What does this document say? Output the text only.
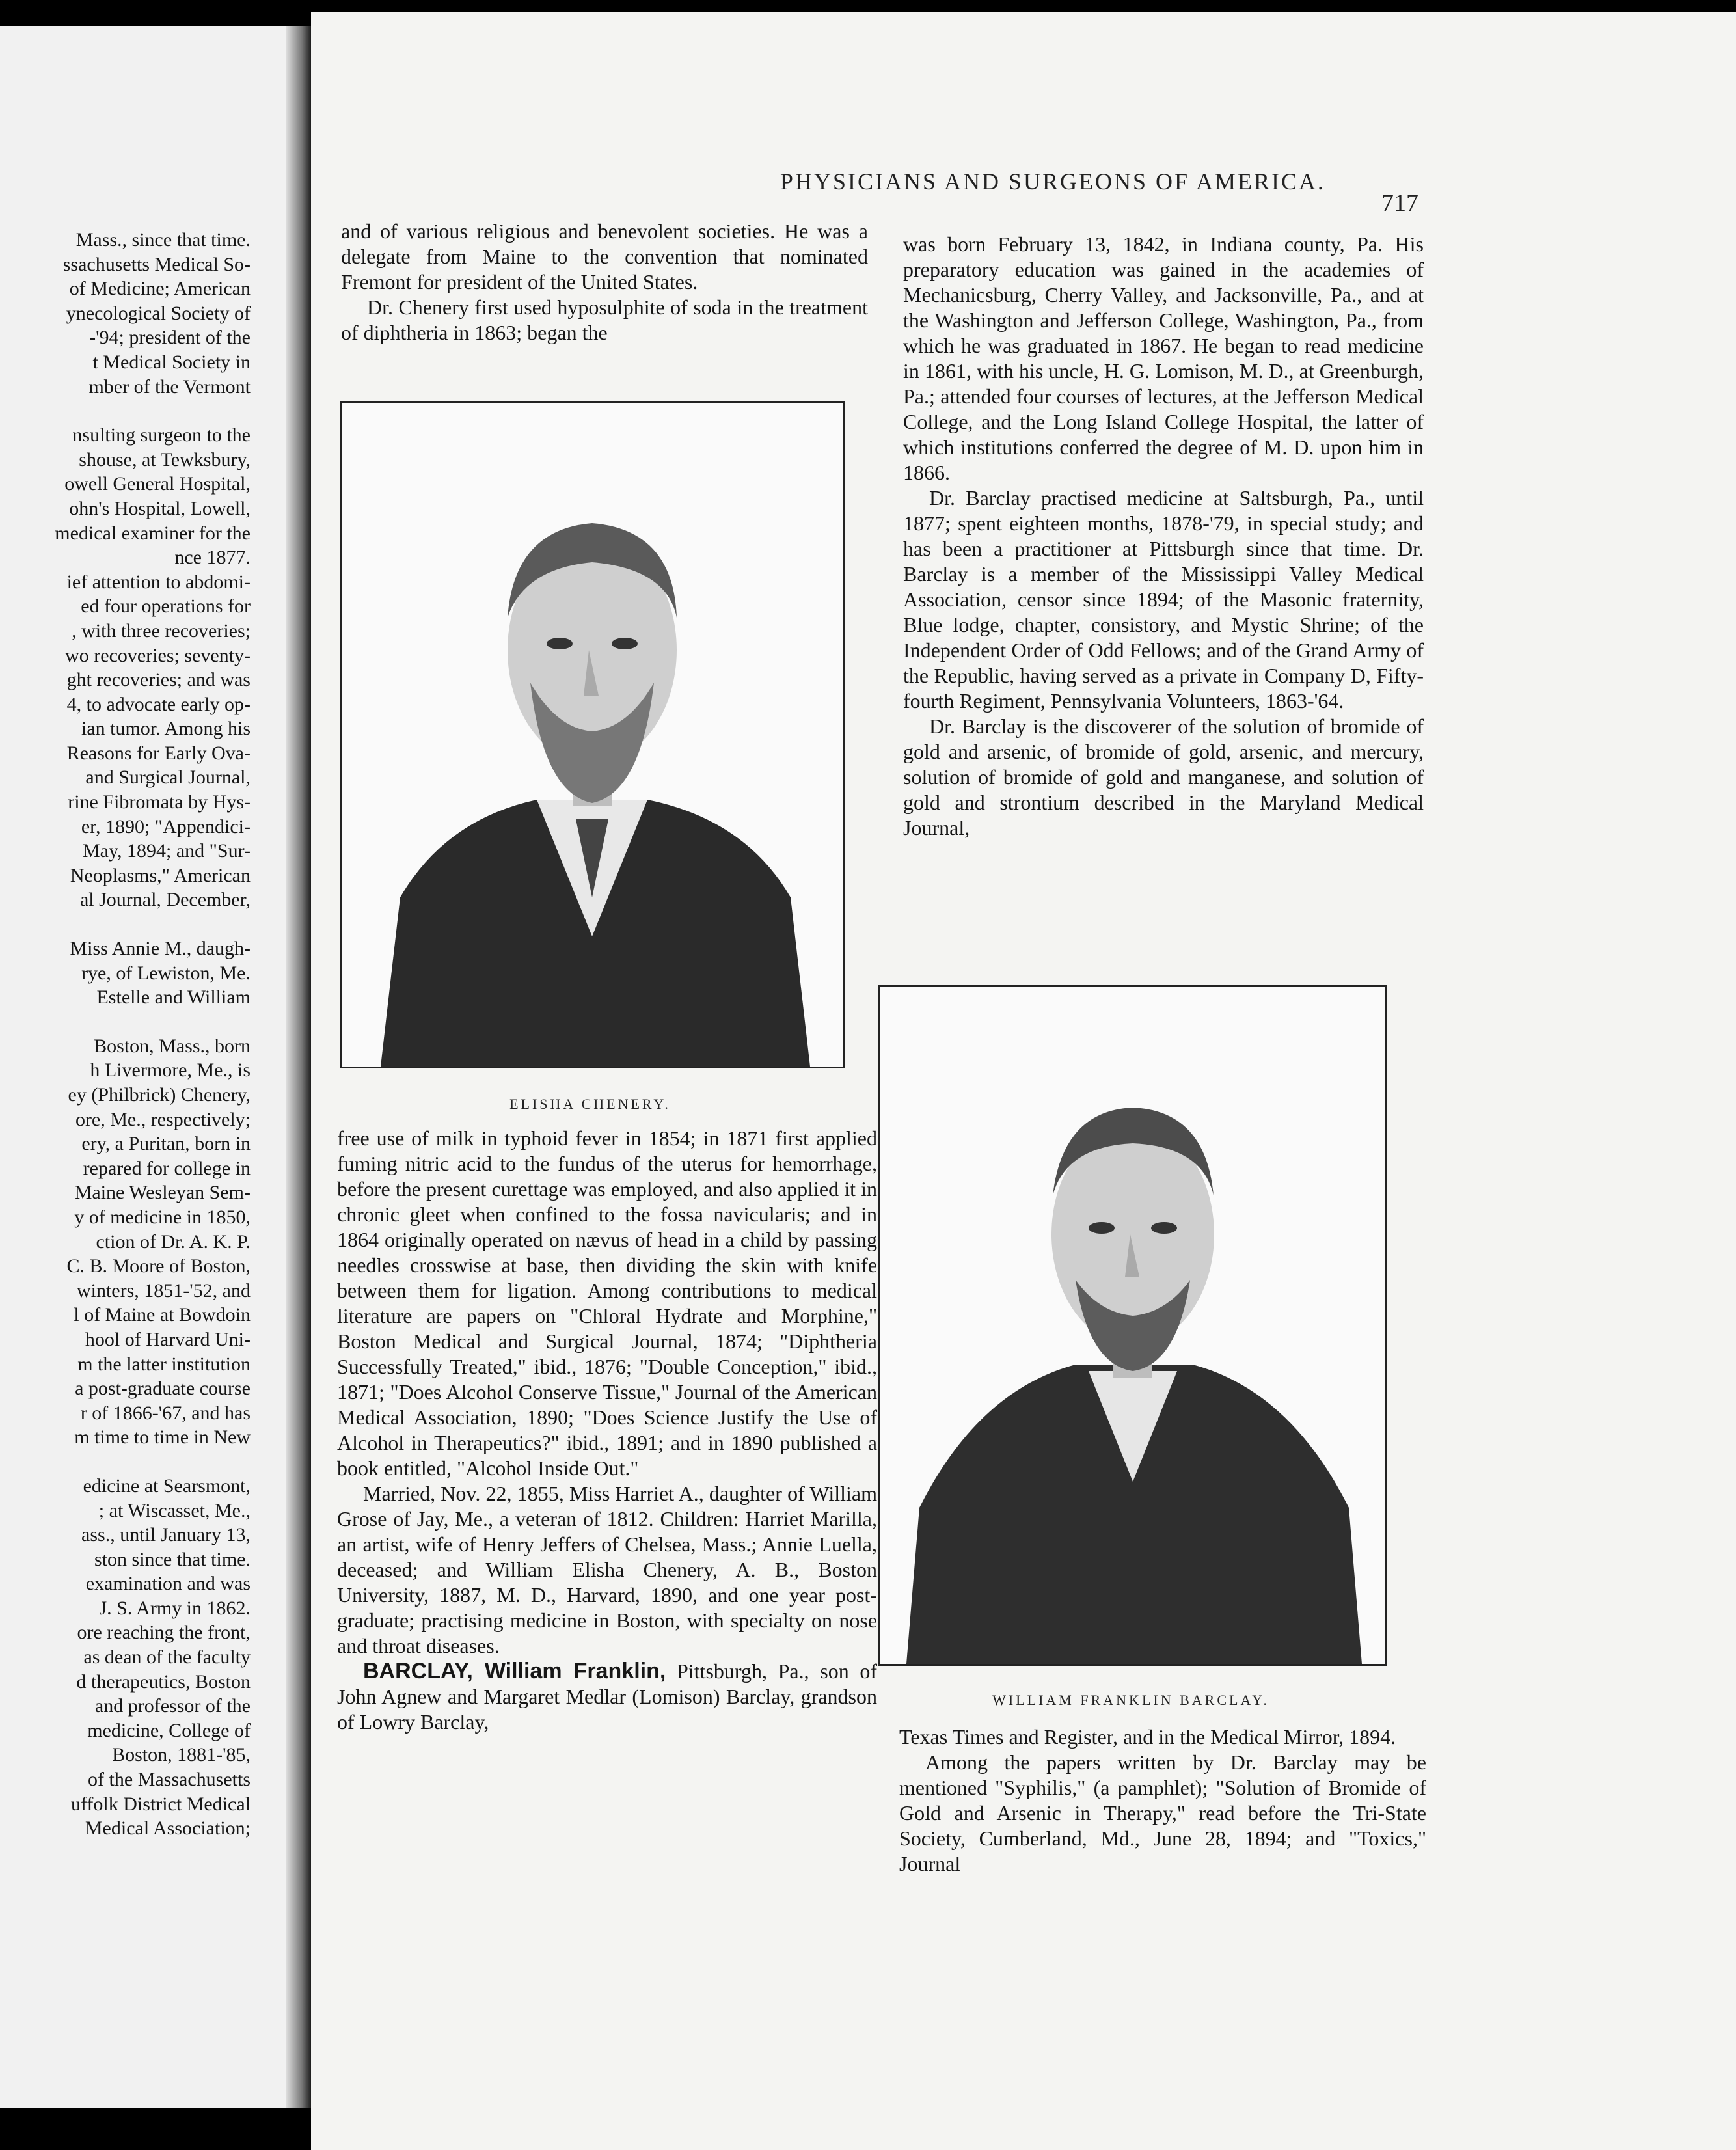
Mass., since that time.
ssachusetts Medical So-
of Medicine; American
ynecological Society of
-'94; president of the
t Medical Society in
mber of the Vermont
nsulting surgeon to the
shouse, at Tewksbury,
owell General Hospital,
ohn's Hospital, Lowell,
medical examiner for the
nce 1877.
ief attention to abdomi-
ed four operations for
, with three recoveries;
wo recoveries; seventy-
ght recoveries; and was
4, to advocate early op-
ian tumor. Among his
Reasons for Early Ova-
and Surgical Journal,
rine Fibromata by Hys-
er, 1890; "Appendici-
May, 1894; and "Sur-
Neoplasms," American
al Journal, December,
Miss Annie M., daugh-
rye, of Lewiston, Me.
Estelle and William
Boston, Mass., born
h Livermore, Me., is
ey (Philbrick) Chenery,
ore, Me., respectively;
ery, a Puritan, born in
repared for college in
Maine Wesleyan Sem-
y of medicine in 1850,
ction of Dr. A. K. P.
C. B. Moore of Boston,
winters, 1851-'52, and
l of Maine at Bowdoin
hool of Harvard Uni-
m the latter institution
a post-graduate course
r of 1866-'67, and has
m time to time in New
edicine at Searsmont,
; at Wiscasset, Me.,
ass., until January 13,
ston since that time.
examination and was
J. S. Army in 1862.
ore reaching the front,
as dean of the faculty
d therapeutics, Boston
and professor of the
medicine, College of
Boston, 1881-'85,
of the Massachusetts
uffolk District Medical
Medical Association;
PHYSICIANS AND SURGEONS OF AMERICA.
717

and of various religious and benevolent societies. He was a delegate from Maine to the convention that nominated Fremont for president of the United States.

Dr. Chenery first used hyposulphite of soda in the treatment of diphtheria in 1863; began the

ELISHA CHENERY.

free use of milk in typhoid fever in 1854; in 1871 first applied fuming nitric acid to the fundus of the uterus for hemorrhage, before the present curettage was employed, and also applied it in chronic gleet when confined to the fossa navicularis; and in 1864 originally operated on nævus of head in a child by passing needles crosswise at base, then dividing the skin with knife between them for ligation. Among contributions to medical literature are papers on "Chloral Hydrate and Morphine," Boston Medical and Surgical Journal, 1874; "Diphtheria Successfully Treated," ibid., 1876; "Double Conception," ibid., 1871; "Does Alcohol Conserve Tissue," Journal of the American Medical Association, 1890; "Does Science Justify the Use of Alcohol in Therapeutics?" ibid., 1891; and in 1890 published a book entitled, "Alcohol Inside Out."

Married, Nov. 22, 1855, Miss Harriet A., daughter of William Grose of Jay, Me., a veteran of 1812. Children: Harriet Marilla, an artist, wife of Henry Jeffers of Chelsea, Mass.; Annie Luella, deceased; and William Elisha Chenery, A. B., Boston University, 1887, M. D., Harvard, 1890, and one year post-graduate; practising medicine in Boston, with specialty on nose and throat diseases.

BARCLAY, William Franklin, Pittsburgh, Pa., son of John Agnew and Margaret Medlar (Lomison) Barclay, grandson of Lowry Barclay,

was born February 13, 1842, in Indiana county, Pa. His preparatory education was gained in the academies of Mechanicsburg, Cherry Valley, and Jacksonville, Pa., and at the Washington and Jefferson College, Washington, Pa., from which he was graduated in 1867. He began to read medicine in 1861, with his uncle, H. G. Lomison, M. D., at Greenburgh, Pa.; attended four courses of lectures, at the Jefferson Medical College, and the Long Island College Hospital, the latter of which institutions conferred the degree of M. D. upon him in 1866.

Dr. Barclay practised medicine at Saltsburgh, Pa., until 1877; spent eighteen months, 1878-'79, in special study; and has been a practitioner at Pittsburgh since that time. Dr. Barclay is a member of the Mississippi Valley Medical Association, censor since 1894; of the Masonic fraternity, Blue lodge, chapter, consistory, and Mystic Shrine; of the Independent Order of Odd Fellows; and of the Grand Army of the Republic, having served as a private in Company D, Fifty-fourth Regiment, Pennsylvania Volunteers, 1863-'64.

Dr. Barclay is the discoverer of the solution of bromide of gold and arsenic, of bromide of gold, arsenic, and mercury, solution of bromide of gold and manganese, and solution of gold and strontium described in the Maryland Medical Journal,

WILLIAM FRANKLIN BARCLAY.

Texas Times and Register, and in the Medical Mirror, 1894.

Among the papers written by Dr. Barclay may be mentioned "Syphilis," (a pamphlet); "Solution of Bromide of Gold and Arsenic in Therapy," read before the Tri-State Society, Cumberland, Md., June 28, 1894; and "Toxics," Journal
